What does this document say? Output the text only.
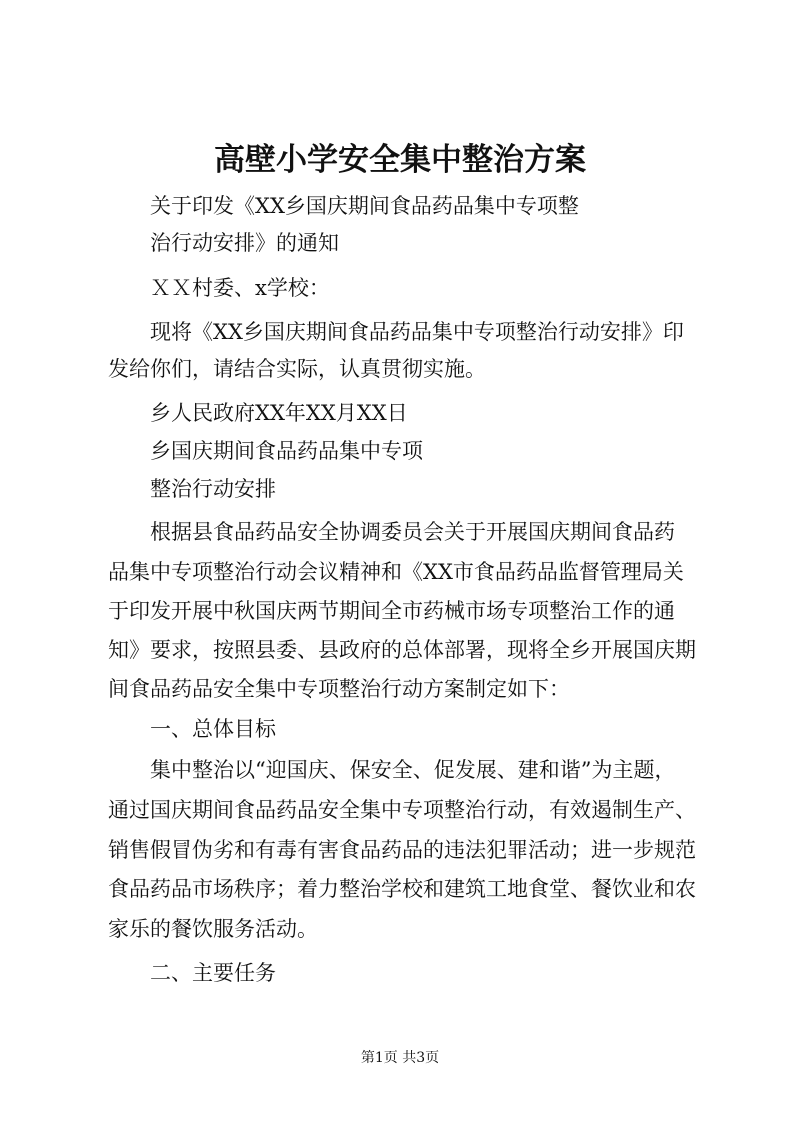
高壁小学安全集中整治方案
关于印发《XX乡国庆期间食品药品集中专项整
治行动安排》的通知
ＸＸ村委、x学校：
现将《XX乡国庆期间食品药品集中专项整治行动安排》印
发给你们，请结合实际，认真贯彻实施。
乡人民政府XX年XX月XX日
乡国庆期间食品药品集中专项
整治行动安排
根据县食品药品安全协调委员会关于开展国庆期间食品药
品集中专项整治行动会议精神和《XX市食品药品监督管理局关
于印发开展中秋国庆两节期间全市药械市场专项整治工作的通
知》要求，按照县委、县政府的总体部署，现将全乡开展国庆期
间食品药品安全集中专项整治行动方案制定如下：
一、总体目标
集中整治以“迎国庆、保安全、促发展、建和谐”为主题，
通过国庆期间食品药品安全集中专项整治行动，有效遏制生产、
销售假冒伪劣和有毒有害食品药品的违法犯罪活动；进一步规范
食品药品市场秩序；着力整治学校和建筑工地食堂、餐饮业和农
家乐的餐饮服务活动。
二、主要任务
第1页 共3页
